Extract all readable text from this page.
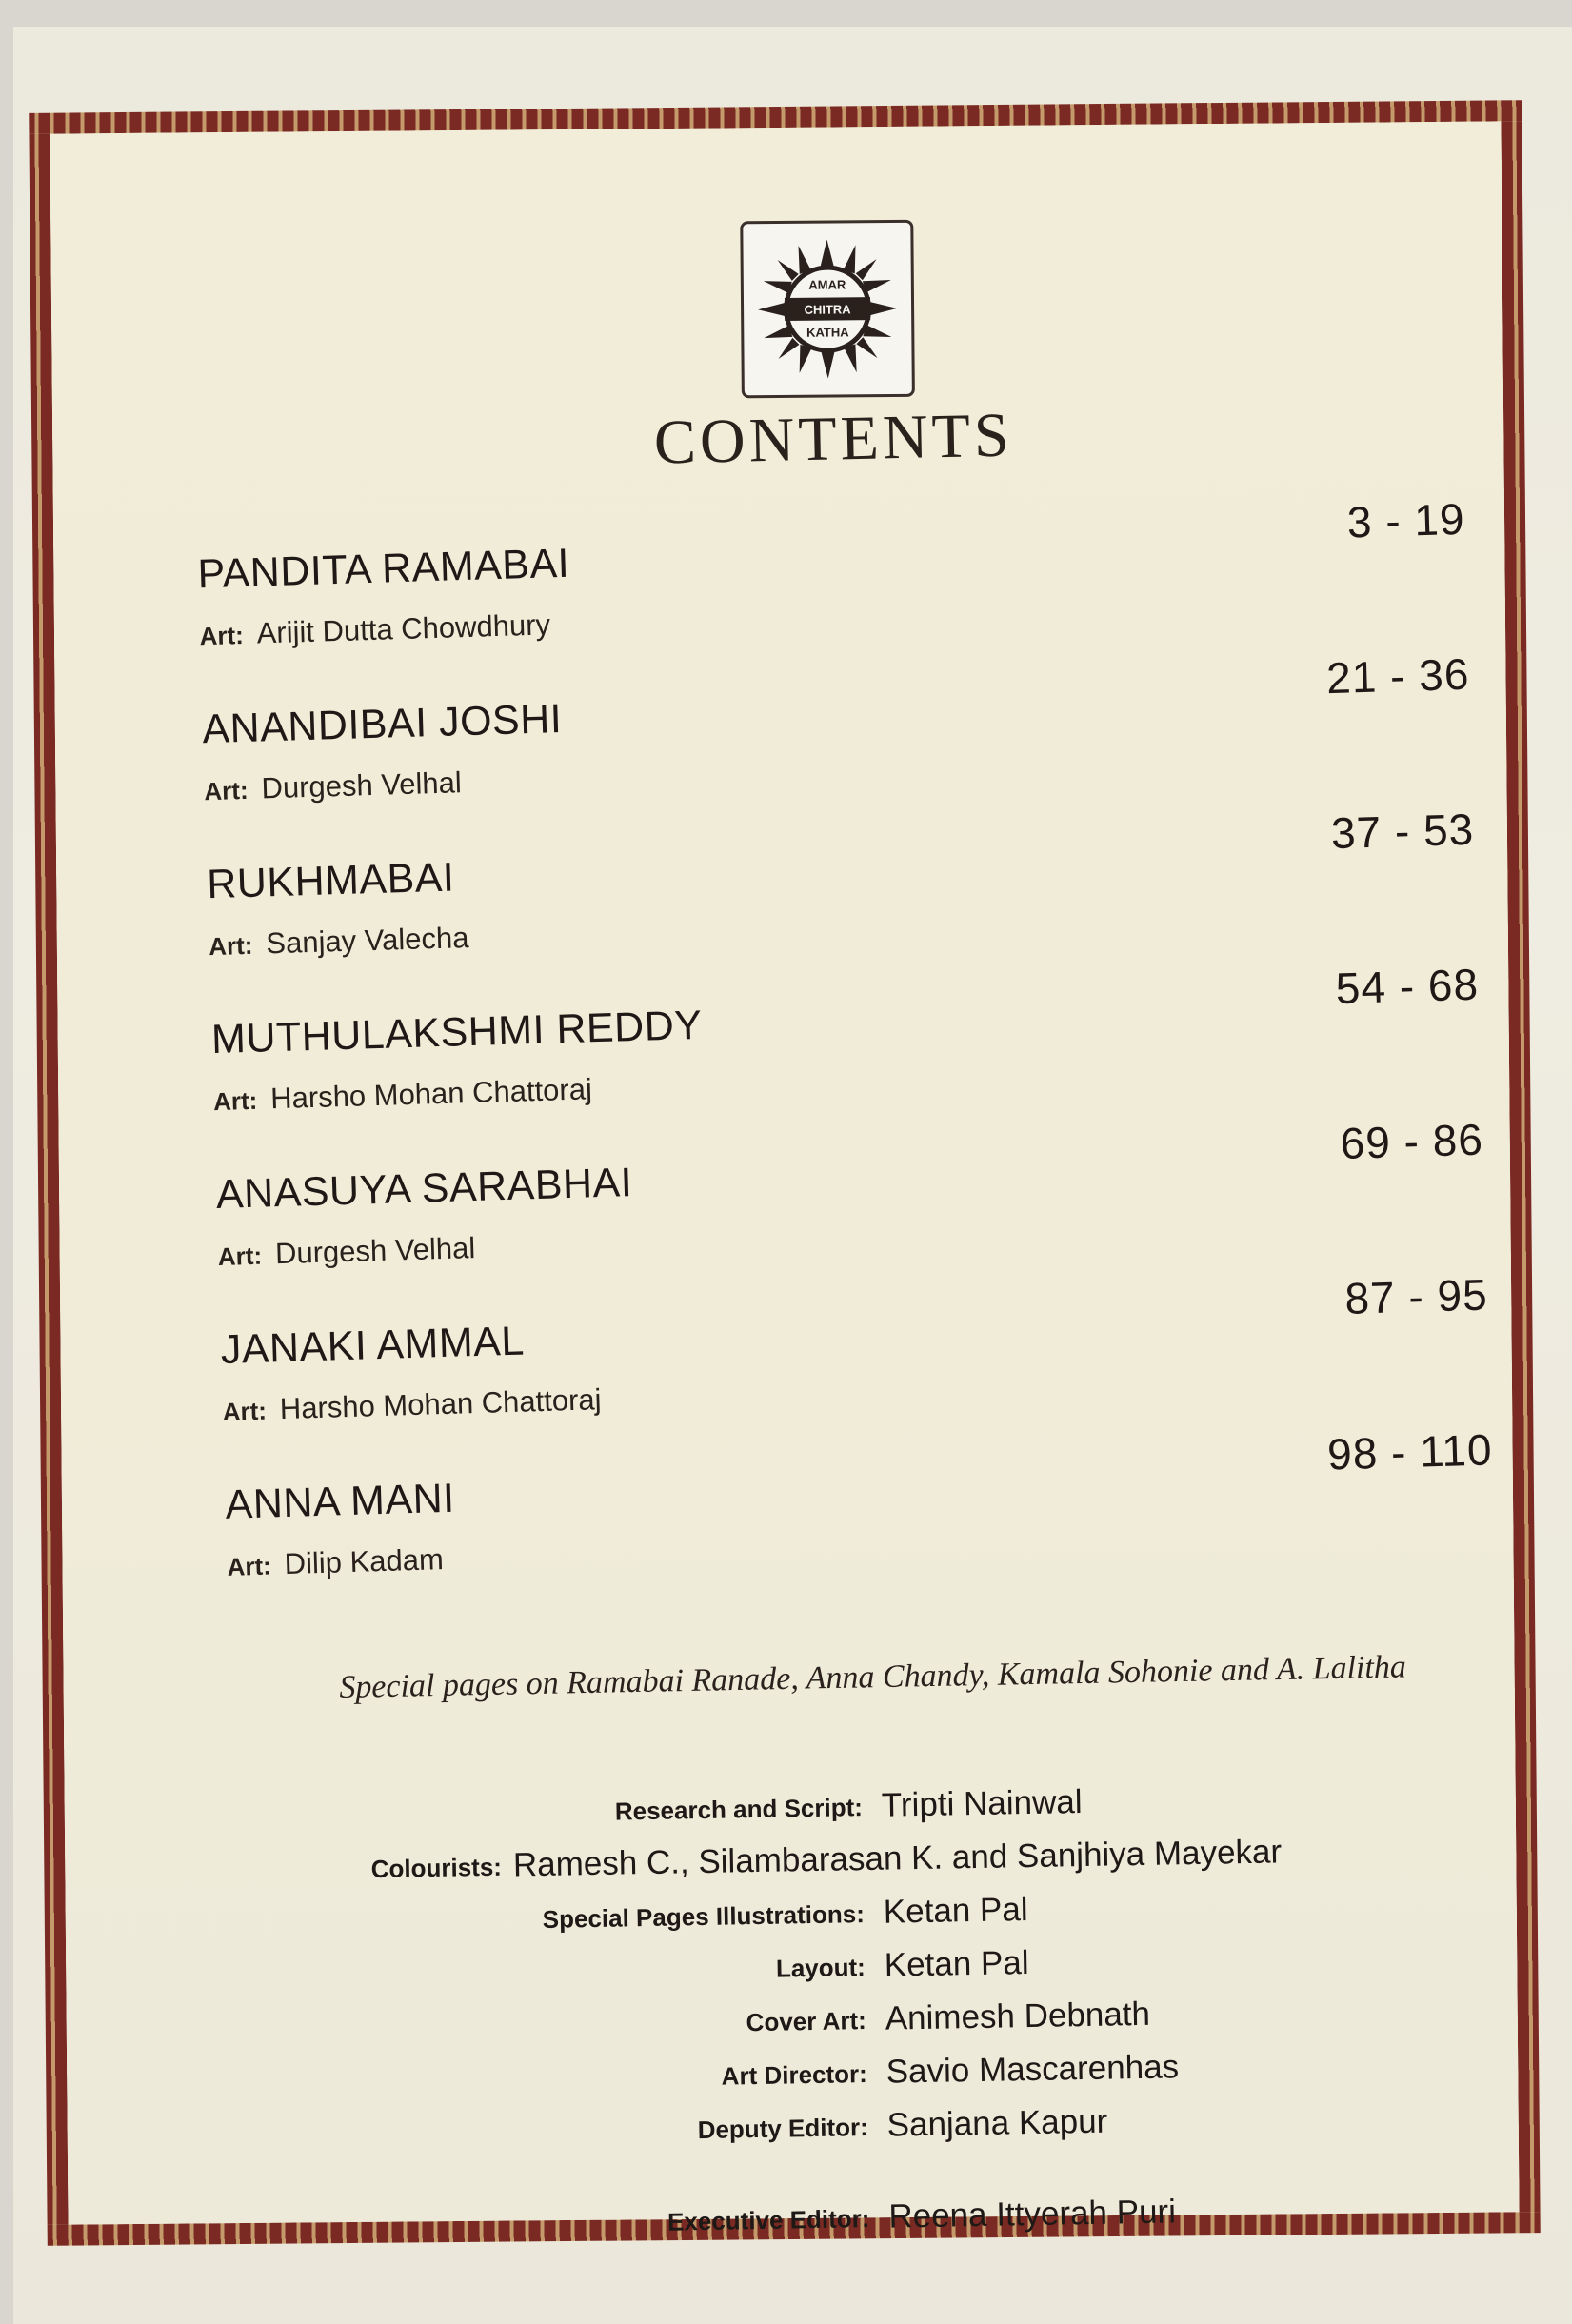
AMAR
CHITRA
KATHA
CONTENTS
PANDITA RAMABAI
Art: Arijit Dutta Chowdhury
3 - 19
ANANDIBAI JOSHI
Art: Durgesh Velhal
21 - 36
RUKHMABAI
Art: Sanjay Valecha
37 - 53
MUTHULAKSHMI REDDY
Art: Harsho Mohan Chattoraj
54 - 68
ANASUYA SARABHAI
Art: Durgesh Velhal
69 - 86
JANAKI AMMAL
Art: Harsho Mohan Chattoraj
87 - 95
ANNA MANI
Art: Dilip Kadam
98 - 110
Special pages on Ramabai Ranade, Anna Chandy, Kamala Sohonie and A. Lalitha
Research and Script: Tripti Nainwal
Colourists: Ramesh C., Silambarasan K. and Sanjhiya Mayekar
Special Pages Illustrations: Ketan Pal
Layout: Ketan Pal
Cover Art: Animesh Debnath
Art Director: Savio Mascarenhas
Deputy Editor: Sanjana Kapur
Executive Editor: Reena Ittyerah Puri
